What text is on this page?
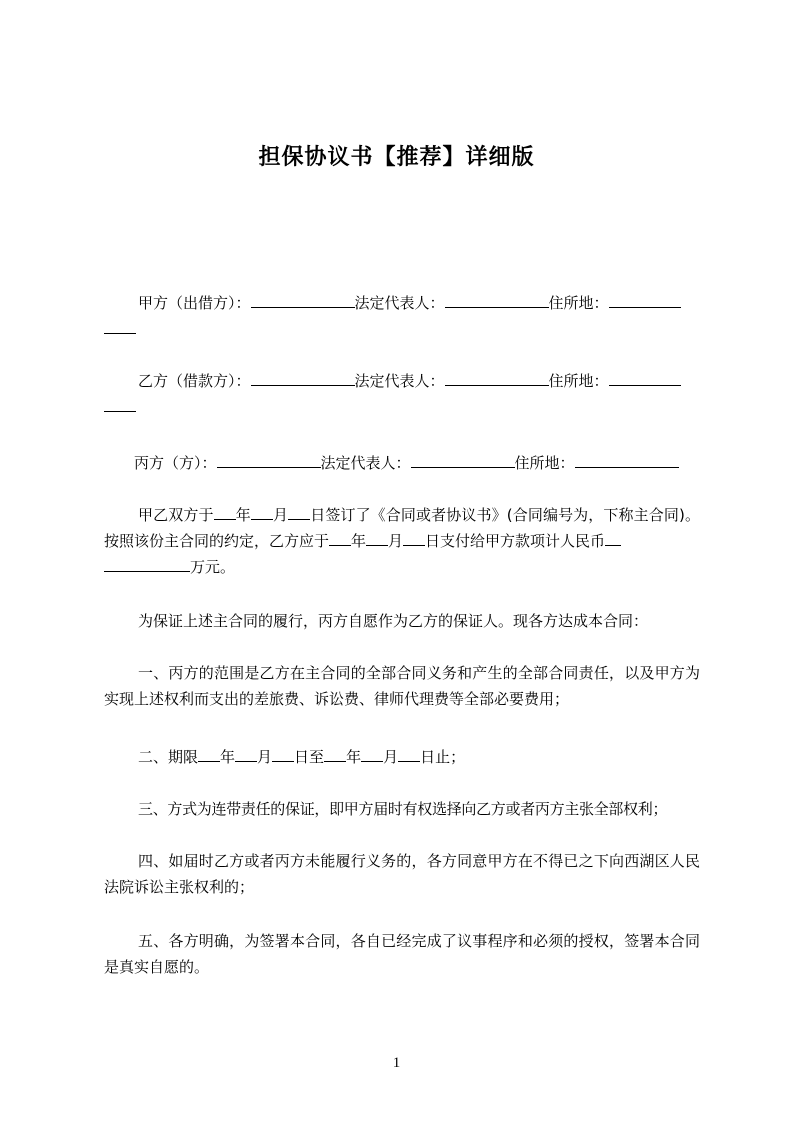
担保协议书【推荐】详细版

甲方（出借方）：	法定代表人：	住所地：

乙方（借款方）：	法定代表人：	住所地：

丙方（方）：	法定代表人：	住所地：

甲乙双方于 年 月 日签订了《合同或者协议书》(合同编号为，下称主合同)。按照该份主合同的约定，乙方应于 年 月 日支付给甲方款项计人民币
万元。

为保证上述主合同的履行，丙方自愿作为乙方的保证人。现各方达成本合同：

一、丙方的范围是乙方在主合同的全部合同义务和产生的全部合同责任，以及甲方为实现上述权利而支出的差旅费、诉讼费、律师代理费等全部必要费用；

二、期限 年 月 日至 年 月 日止；

三、方式为连带责任的保证，即甲方届时有权选择向乙方或者丙方主张全部权利；

四、如届时乙方或者丙方未能履行义务的，各方同意甲方在不得已之下向西湖区人民法院诉讼主张权利的；

五、各方明确，为签署本合同，各自已经完成了议事程序和必须的授权，签署本合同是真实自愿的。

1
